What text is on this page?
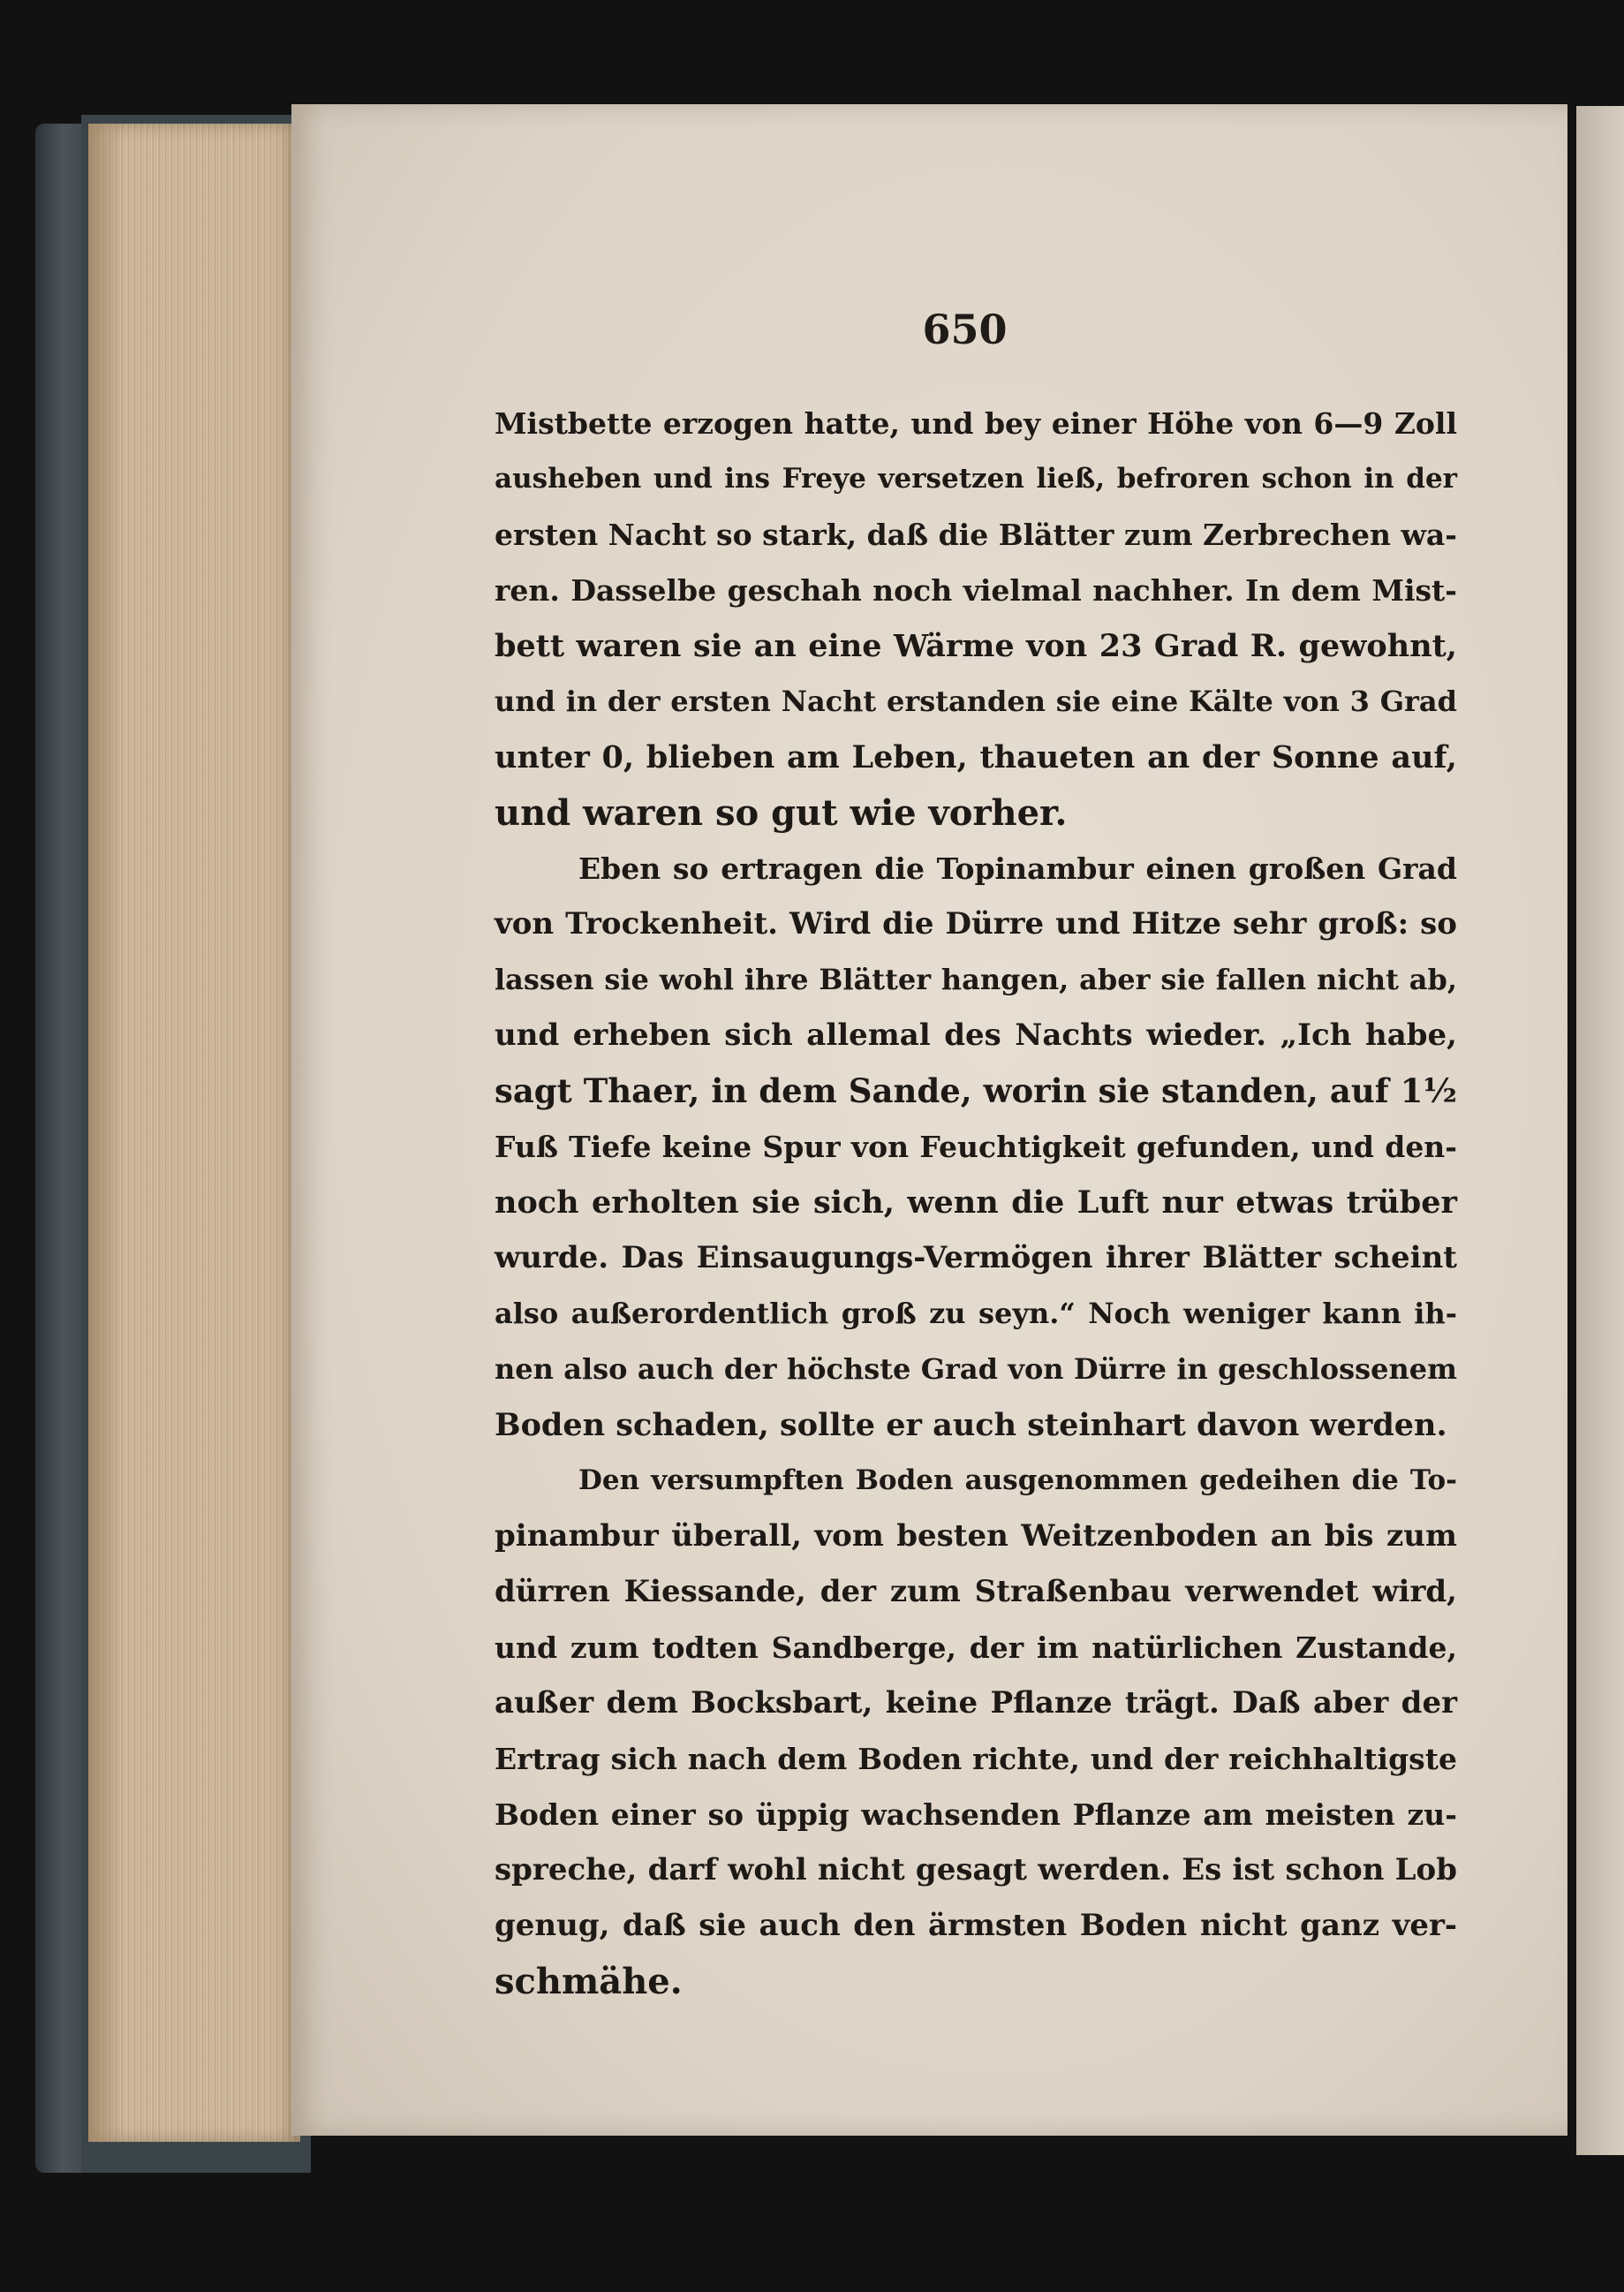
650

Mistbette erzogen hatte, und bey einer Höhe von 6—9 Zoll

ausheben und ins Freye versetzen ließ, befroren schon in der

ersten Nacht so stark, daß die Blätter zum Zerbrechen wa-

ren. Dasselbe geschah noch vielmal nachher. In dem Mist-

bett waren sie an eine Wärme von 23 Grad R. gewohnt,

und in der ersten Nacht erstanden sie eine Kälte von 3 Grad

unter 0, blieben am Leben, thaueten an der Sonne auf,

und waren so gut wie vorher.

Eben so ertragen die Topinambur einen großen Grad

von Trockenheit. Wird die Dürre und Hitze sehr groß: so

lassen sie wohl ihre Blätter hangen, aber sie fallen nicht ab,

und erheben sich allemal des Nachts wieder. „Ich habe,

sagt Thaer, in dem Sande, worin sie standen, auf 1½

Fuß Tiefe keine Spur von Feuchtigkeit gefunden, und den-

noch erholten sie sich, wenn die Luft nur etwas trüber

wurde. Das Einsaugungs-Vermögen ihrer Blätter scheint

also außerordentlich groß zu seyn.“ Noch weniger kann ih-

nen also auch der höchste Grad von Dürre in geschlossenem

Boden schaden, sollte er auch steinhart davon werden.

Den versumpften Boden ausgenommen gedeihen die To-

pinambur überall, vom besten Weitzenboden an bis zum

dürren Kiessande, der zum Straßenbau verwendet wird,

und zum todten Sandberge, der im natürlichen Zustande,

außer dem Bocksbart, keine Pflanze trägt. Daß aber der

Ertrag sich nach dem Boden richte, und der reichhaltigste

Boden einer so üppig wachsenden Pflanze am meisten zu-

spreche, darf wohl nicht gesagt werden. Es ist schon Lob

genug, daß sie auch den ärmsten Boden nicht ganz ver-

schmähe.
